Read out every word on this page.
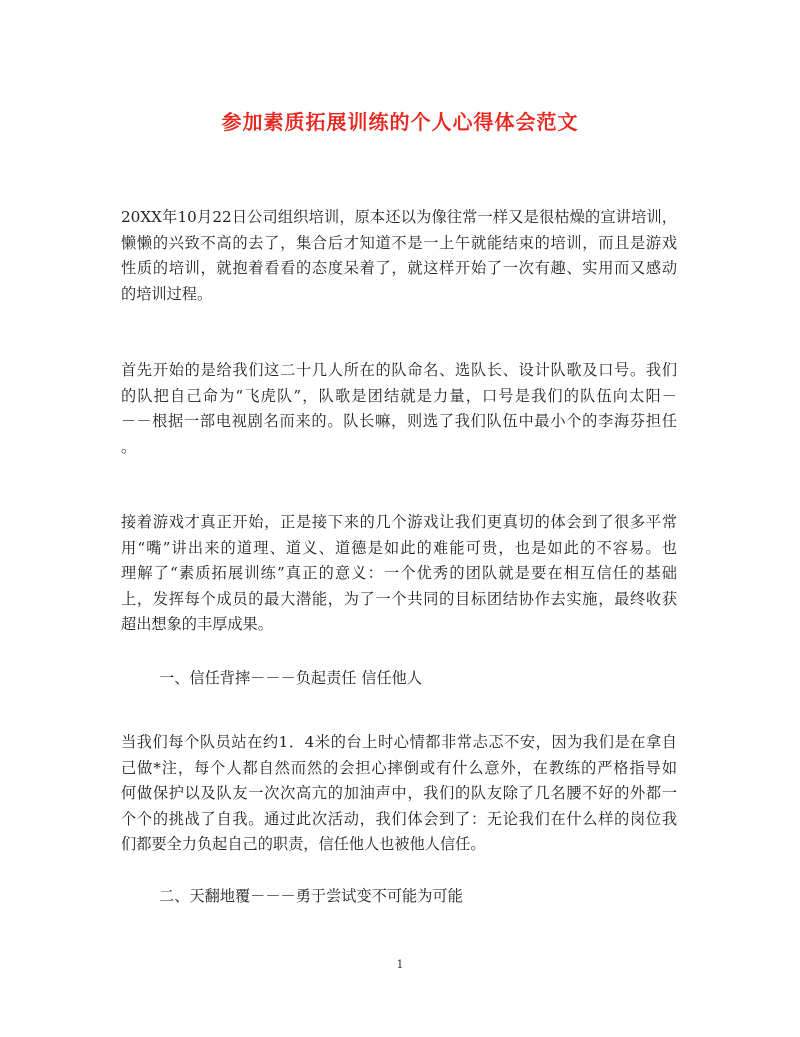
参加素质拓展训练的个人心得体会范文
20XX年10月22日公司组织培训，原本还以为像往常一样又是很枯燥的宣讲培训，
懒懒的兴致不高的去了，集合后才知道不是一上午就能结束的培训，而且是游戏
性质的培训，就抱着看看的态度呆着了，就这样开始了一次有趣、实用而又感动
的培训过程。
首先开始的是给我们这二十几人所在的队命名、选队长、设计队歌及口号。我们
的队把自己命为“飞虎队”，队歌是团结就是力量，口号是我们的队伍向太阳－
－－根据一部电视剧名而来的。队长嘛，则选了我们队伍中最小个的李海芬担任
。
接着游戏才真正开始，正是接下来的几个游戏让我们更真切的体会到了很多平常
用“嘴”讲出来的道理、道义、道德是如此的难能可贵，也是如此的不容易。也
理解了“素质拓展训练”真正的意义：一个优秀的团队就是要在相互信任的基础
上，发挥每个成员的最大潜能，为了一个共同的目标团结协作去实施，最终收获
超出想象的丰厚成果。
一、信任背摔－－－负起责任 信任他人
当我们每个队员站在约1．4米的台上时心情都非常忐忑不安，因为我们是在拿自
己做*注，每个人都自然而然的会担心摔倒或有什么意外，在教练的严格指导如
何做保护以及队友一次次高亢的加油声中，我们的队友除了几名腰不好的外都一
个个的挑战了自我。通过此次活动，我们体会到了：无论我们在什么样的岗位我
们都要全力负起自己的职责，信任他人也被他人信任。
二、天翻地覆－－－勇于尝试变不可能为可能
1
